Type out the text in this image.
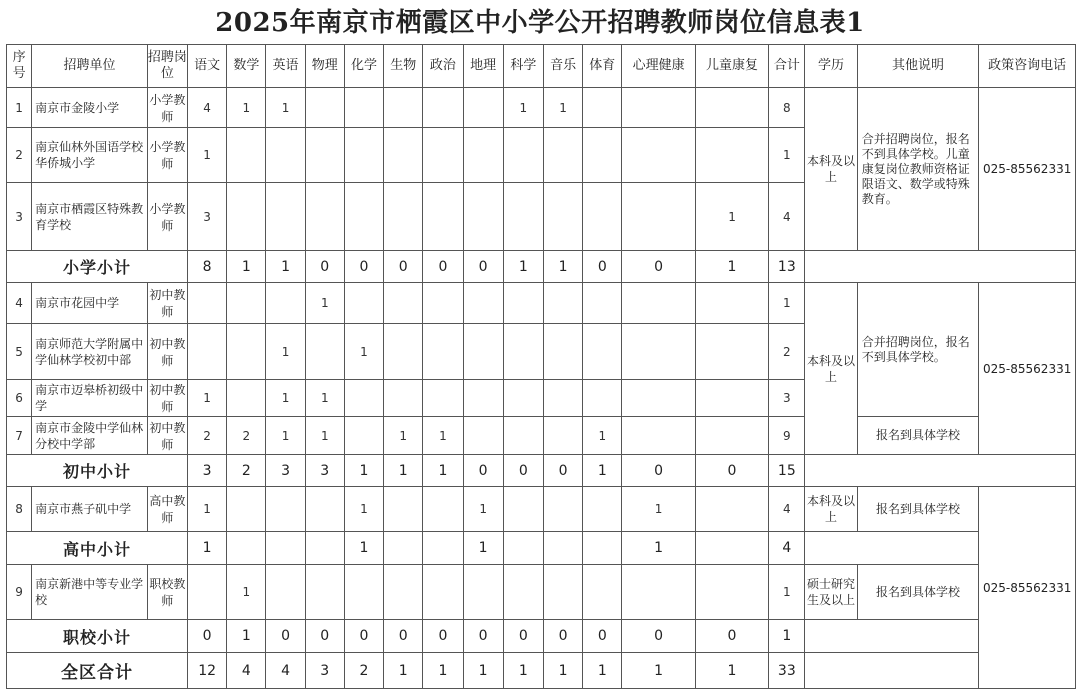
2025年南京市栖霞区中小学公开招聘教师岗位信息表1
序号	招聘单位	招聘岗位	语文	数学	英语	物理	化学	生物	政治	地理	科学	音乐	体育	心理健康	儿童康复	合计	学历	其他说明	政策咨询电话
1	南京市金陵小学	小学教师	4	1	1						1	1				8	本科及以上	合并招聘岗位，报名不到具体学校。儿童康复岗位教师资格证限语文、数学或特殊教育。	025-85562331
2	南京仙林外国语学校华侨城小学	小学教师	1													1			
3	南京市栖霞区特殊教育学校	小学教师	3												1	4			
小学小计			8	1	1	0	0	0	0	0	1	1	0	0	1	13			
4	南京市花园中学	初中教师				1										1	本科及以上	合并招聘岗位，报名不到具体学校。	025-85562331
5	南京师范大学附属中学仙林学校初中部	初中教师			1		1									2			
6	南京市迈皋桥初级中学	初中教师	1		1	1										3			
7	南京市金陵中学仙林分校中学部	初中教师	2	2	1	1		1	1				1			9		报名到具体学校	
初中小计			3	2	3	3	1	1	1	0	0	0	1	0	0	15			
8	南京市燕子矶中学	高中教师	1				1			1				1		4	本科及以上	报名到具体学校	025-85562331
高中小计			1				1			1				1		4			
9	南京新港中等专业学校	职校教师		1												1	硕士研究生及以上	报名到具体学校	
职校小计			0	1	0	0	0	0	0	0	0	0	0	0	0	1			
全区合计			12	4	4	3	2	1	1	1	1	1	1	1	1	33			
